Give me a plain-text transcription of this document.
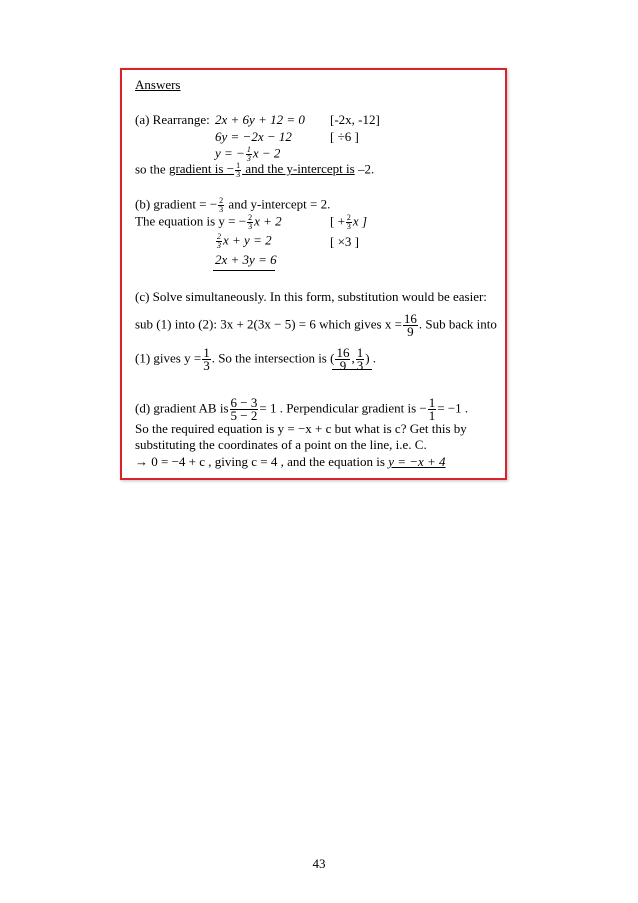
Answers
(a) Rearrange: 2x + 6y + 12 = 0 [-2x, -12]
6y = −2x − 12	[ ÷6 ]
y = − $\frac{1}{3}$ x − 2
so the gradient is − $\frac{1}{3}$ and the y-intercept is –2.
(b) gradient = − $\frac{2}{3}$ and y-intercept = 2.
The equation is y = − $\frac{2}{3}$ x + 2	[ + $\frac{2}{3}$ x ]
$\frac{2}{3}$ x + y = 2	[ ×3 ]
2x + 3y = 6
(c) Solve simultaneously. In this form, substitution would be easier:
sub (1) into (2): 3x + 2(3x − 5) = 6 which gives $x = \frac{16}{9}$ . Sub back into
(1) gives $y = \frac{1}{3}$ . So the intersection is ( $\frac{16}{9}$ , $\frac{1}{3}$ ) .
(d) gradient AB is $\frac{6 - 3}{5 - 2} = 1$ . Perpendicular gradient is − $\frac{1}{1} = -1$ .
So the required equation is y = −x + c but what is c? Get this by
substituting the coordinates of a point on the line, i.e. C.
→ 0 = −4 + c , giving c = 4 , and the equation is y = −x + 4
43
